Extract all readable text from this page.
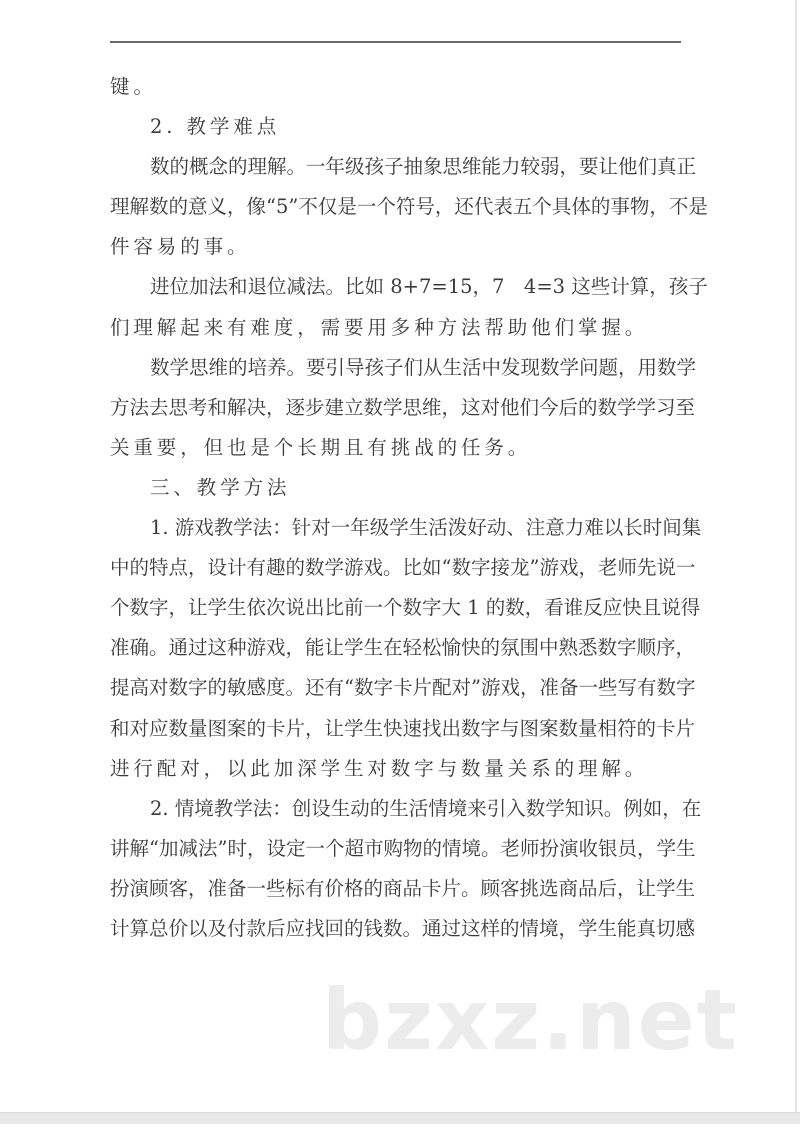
键。
2. 教学难点
数的概念的理解。一年级孩子抽象思维能力较弱，要让他们真正
理解数的意义，像“5”不仅是一个符号，还代表五个具体的事物，不是
件容易的事。
进位加法和退位减法。比如 8+7=15，7　4=3 这些计算，孩子
们理解起来有难度，需要用多种方法帮助他们掌握。
数学思维的培养。要引导孩子们从生活中发现数学问题，用数学
方法去思考和解决，逐步建立数学思维，这对他们今后的数学学习至
关重要，但也是个长期且有挑战的任务。
三、教学方法
1. 游戏教学法：针对一年级学生活泼好动、注意力难以长时间集
中的特点，设计有趣的数学游戏。比如“数字接龙”游戏，老师先说一
个数字，让学生依次说出比前一个数字大 1 的数，看谁反应快且说得
准确。通过这种游戏，能让学生在轻松愉快的氛围中熟悉数字顺序，
提高对数字的敏感度。还有“数字卡片配对”游戏，准备一些写有数字
和对应数量图案的卡片，让学生快速找出数字与图案数量相符的卡片
进行配对，以此加深学生对数字与数量关系的理解。
2. 情境教学法：创设生动的生活情境来引入数学知识。例如，在
讲解“加减法”时，设定一个超市购物的情境。老师扮演收银员，学生
扮演顾客，准备一些标有价格的商品卡片。顾客挑选商品后，让学生
计算总价以及付款后应找回的钱数。通过这样的情境，学生能真切感
bzxz.net
